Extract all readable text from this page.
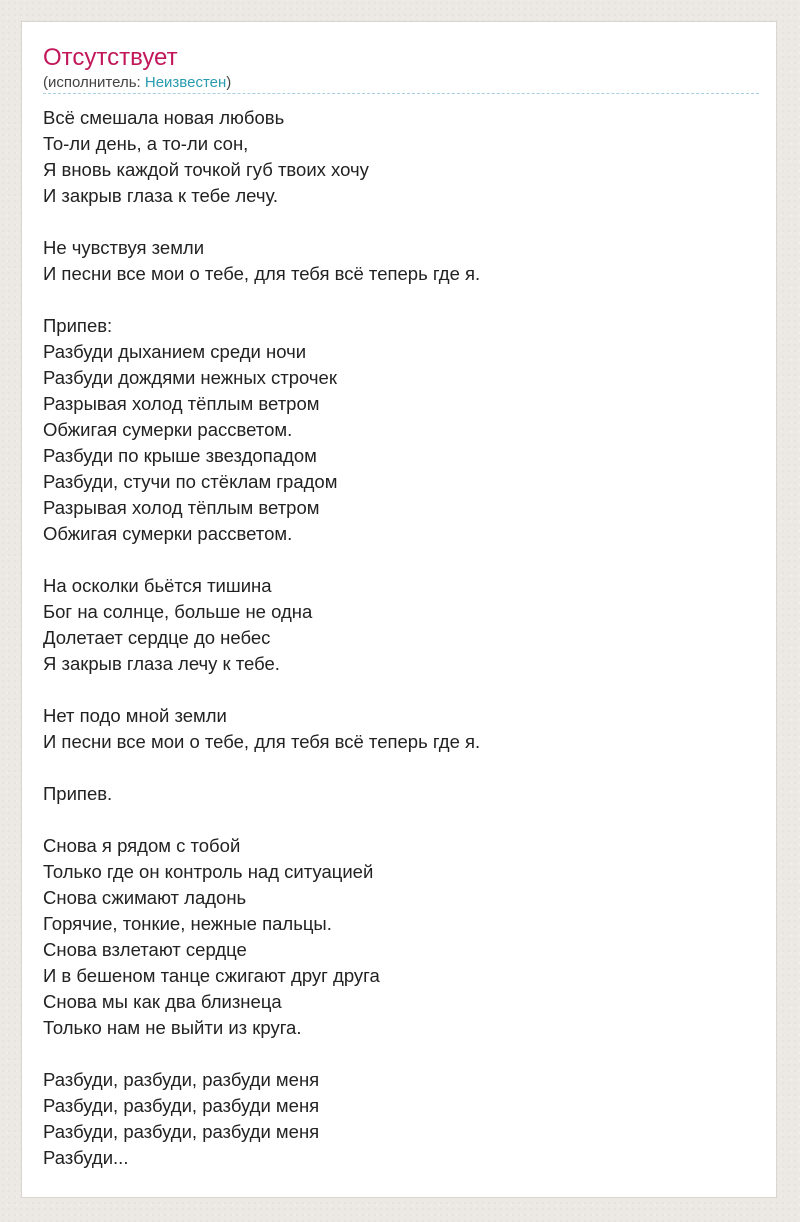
Отсутствует
(исполнитель: Неизвестен)

Всё смешала новая любовь
То-ли день, а то-ли сон,
Я вновь каждой точкой губ твоих хочу
И закрыв глаза к тебе лечу.

Не чувствуя земли
И песни все мои о тебе, для тебя всё теперь где я.

Припев:
Разбуди дыханием среди ночи
Разбуди дождями нежных строчек
Разрывая холод тёплым ветром
Обжигая сумерки рассветом.
Разбуди по крыше звездопадом
Разбуди, стучи по стёклам градом
Разрывая холод тёплым ветром
Обжигая сумерки рассветом.

На осколки бьётся тишина
Бог на солнце, больше не одна
Долетает сердце до небес
Я закрыв глаза лечу к тебе.

Нет подо мной земли
И песни все мои о тебе, для тебя всё теперь где я.

Припев.

Снова я рядом с тобой
Только где он контроль над ситуацией
Снова сжимают ладонь
Горячие, тонкие, нежные пальцы.
Снова взлетают сердце
И в бешеном танце сжигают друг друга
Снова мы как два близнеца
Только нам не выйти из круга.

Разбуди, разбуди, разбуди меня
Разбуди, разбуди, разбуди меня
Разбуди, разбуди, разбуди меня
Разбуди...
